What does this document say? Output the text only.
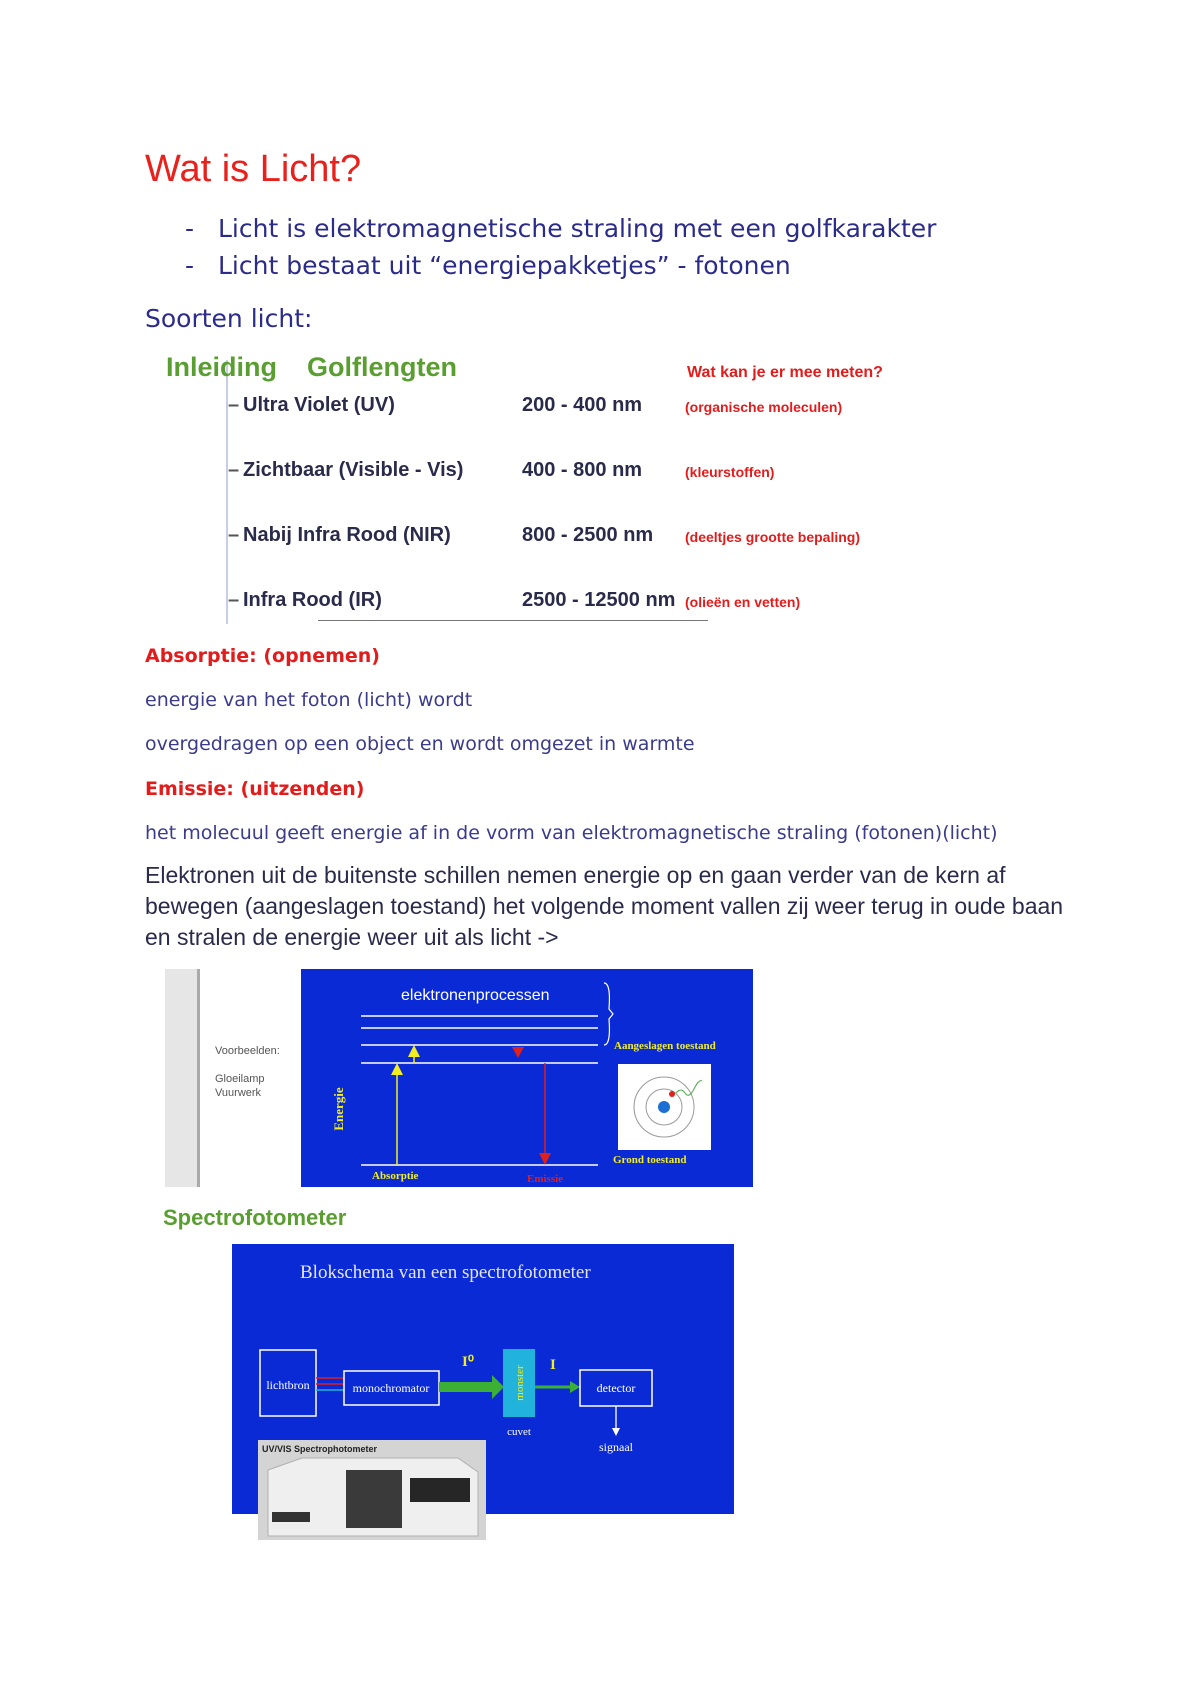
Wat is Licht?
- Licht is elektromagnetische straling met een golfkarakter
- Licht bestaat uit “energiepakketjes” - fotonen
Soorten licht:
Inleiding Golflengten	Wat kan je er mee meten?
– Ultra Violet (UV)	200 - 400 nm	(organische moleculen)
– Zichtbaar (Visible - Vis)	400 - 800 nm	(kleurstoffen)
– Nabij Infra Rood (NIR)	800 - 2500 nm (deeltjes grootte bepaling)
– Infra Rood (IR)	2500 - 12500 nm (olieën en vetten)
Absorptie: (opnemen)
energie van het foton (licht) wordt
overgedragen op een object en wordt omgezet in warmte
Emissie: (uitzenden)
het molecuul geeft energie af in de vorm van elektromagnetische straling (fotonen)(licht)
Elektronen uit de buitenste schillen nemen energie op en gaan verder van de kern af bewegen (aangeslagen toestand) het volgende moment vallen zij weer terug in oude baan en stralen de energie weer uit als licht ->
Voorbeelden:
Gloeilamp
Vuurwerk
elektronenprocessen
Energie
Absorptie	Emissie
Aangeslagen toestand
Grond toestand
Spectrofotometer
Blokschema van een spectrofotometer
lichtbron	monochromator
I⁰
monster
cuvet
I
detector
signaal
UV/VIS Spectrophotometer
